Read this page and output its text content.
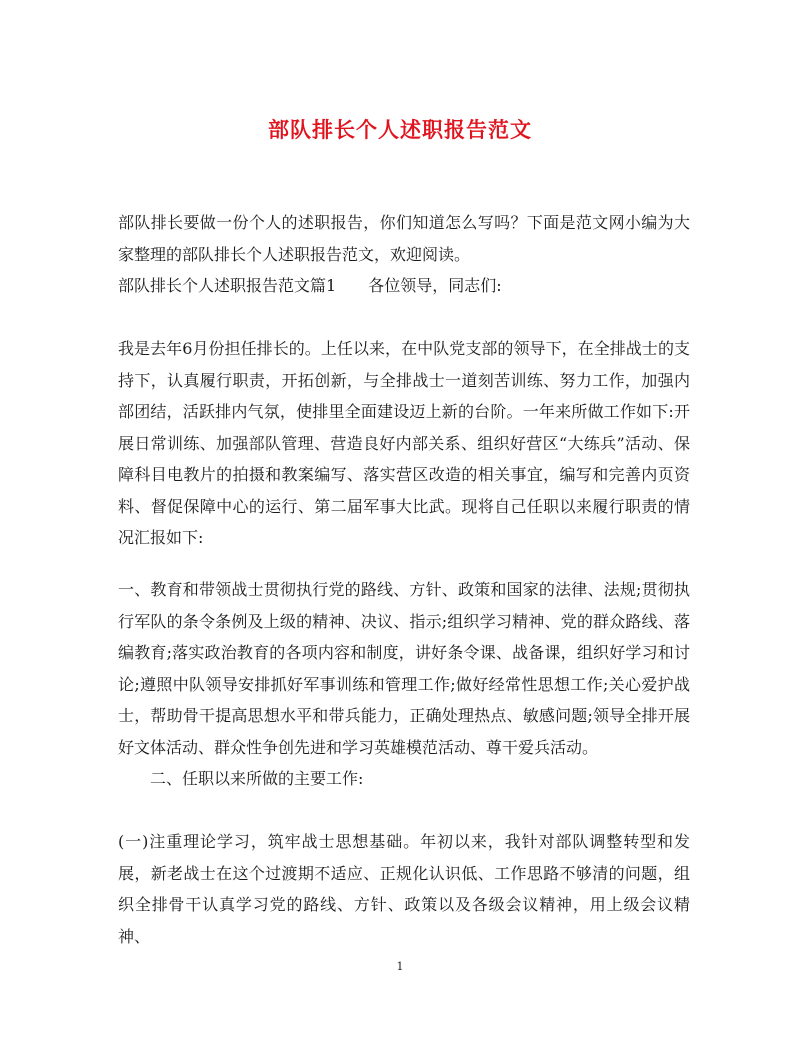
部队排长个人述职报告范文

部队排长要做一份个人的述职报告，你们知道怎么写吗？下面是范文网小编为大家整理的部队排长个人述职报告范文，欢迎阅读。

部队排长个人述职报告范文篇1 各位领导，同志们:

我是去年6月份担任排长的。上任以来，在中队党支部的领导下，在全排战士的支持下，认真履行职责，开拓创新，与全排战士一道刻苦训练、努力工作，加强内部团结，活跃排内气氛，使排里全面建设迈上新的台阶。一年来所做工作如下:开展日常训练、加强部队管理、营造良好内部关系、组织好营区“大练兵”活动、保障科目电教片的拍摄和教案编写、落实营区改造的相关事宜，编写和完善内页资料、督促保障中心的运行、第二届军事大比武。现将自己任职以来履行职责的情况汇报如下:

一、教育和带领战士贯彻执行党的路线、方针、政策和国家的法律、法规;贯彻执行军队的条令条例及上级的精神、决议、指示;组织学习精神、党的群众路线、落编教育;落实政治教育的各项内容和制度，讲好条令课、战备课，组织好学习和讨论;遵照中队领导安排抓好军事训练和管理工作;做好经常性思想工作;关心爱护战士，帮助骨干提高思想水平和带兵能力，正确处理热点、敏感问题;领导全排开展好文体活动、群众性争创先进和学习英雄模范活动、尊干爱兵活动。

二、任职以来所做的主要工作:

(一)注重理论学习，筑牢战士思想基础。年初以来，我针对部队调整转型和发展，新老战士在这个过渡期不适应、正规化认识低、工作思路不够清的问题，组织全排骨干认真学习党的路线、方针、政策以及各级会议精神，用上级会议精神、

1
